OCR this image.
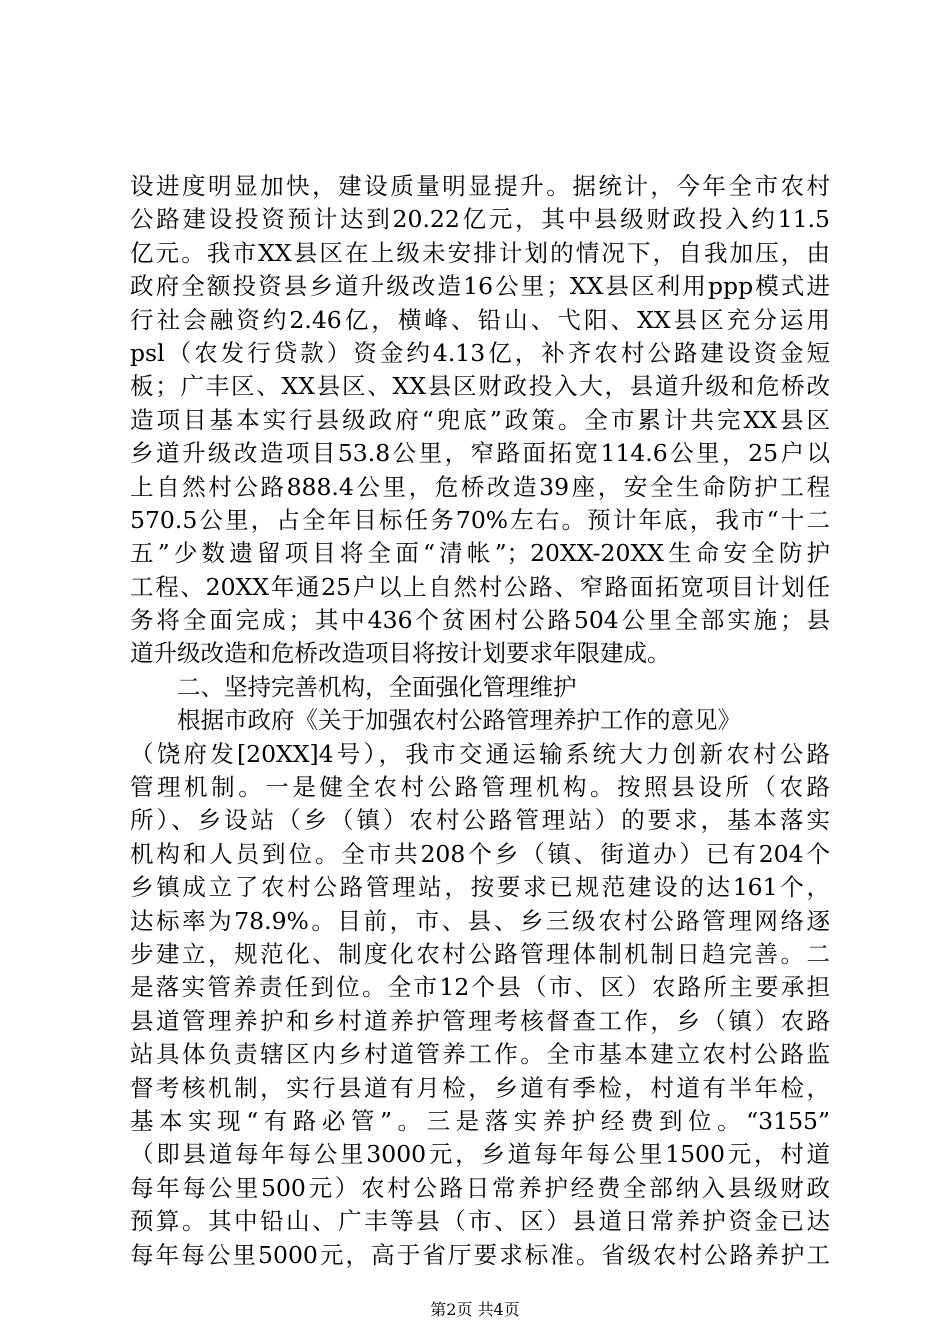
设进度明显加快，建设质量明显提升。据统计，今年全市农村
公路建设投资预计达到20.22亿元，其中县级财政投入约11.5
亿元。我市XX县区在上级未安排计划的情况下，自我加压，由
政府全额投资县乡道升级改造16公里；XX县区利用ppp模式进
行社会融资约2.46亿，横峰、铅山、弋阳、XX县区充分运用
psl（农发行贷款）资金约4.13亿，补齐农村公路建设资金短
板；广丰区、XX县区、XX县区财政投入大，县道升级和危桥改
造项目基本实行县级政府“兜底”政策。全市累计共完XX县区
乡道升级改造项目53.8公里，窄路面拓宽114.6公里，25户以
上自然村公路888.4公里，危桥改造39座，安全生命防护工程
570.5公里，占全年目标任务70%左右。预计年底，我市“十二
五”少数遗留项目将全面“清帐”；20XX-20XX生命安全防护
工程、20XX年通25户以上自然村公路、窄路面拓宽项目计划任
务将全面完成；其中436个贫困村公路504公里全部实施；县
道升级改造和危桥改造项目将按计划要求年限建成。
二、坚持完善机构，全面强化管理维护
根据市政府《关于加强农村公路管理养护工作的意见》
（饶府发[20XX]4号），我市交通运输系统大力创新农村公路
管理机制。一是健全农村公路管理机构。按照县设所（农路
所）、乡设站（乡（镇）农村公路管理站）的要求，基本落实
机构和人员到位。全市共208个乡（镇、街道办）已有204个
乡镇成立了农村公路管理站，按要求已规范建设的达161个，
达标率为78.9%。目前，市、县、乡三级农村公路管理网络逐
步建立，规范化、制度化农村公路管理体制机制日趋完善。二
是落实管养责任到位。全市12个县（市、区）农路所主要承担
县道管理养护和乡村道养护管理考核督查工作，乡（镇）农路
站具体负责辖区内乡村道管养工作。全市基本建立农村公路监
督考核机制，实行县道有月检，乡道有季检，村道有半年检，
基本实现“有路必管”。三是落实养护经费到位。“3155”
（即县道每年每公里3000元，乡道每年每公里1500元，村道
每年每公里500元）农村公路日常养护经费全部纳入县级财政
预算。其中铅山、广丰等县（市、区）县道日常养护资金已达
每年每公里5000元，高于省厅要求标准。省级农村公路养护工
第2页 共4页
